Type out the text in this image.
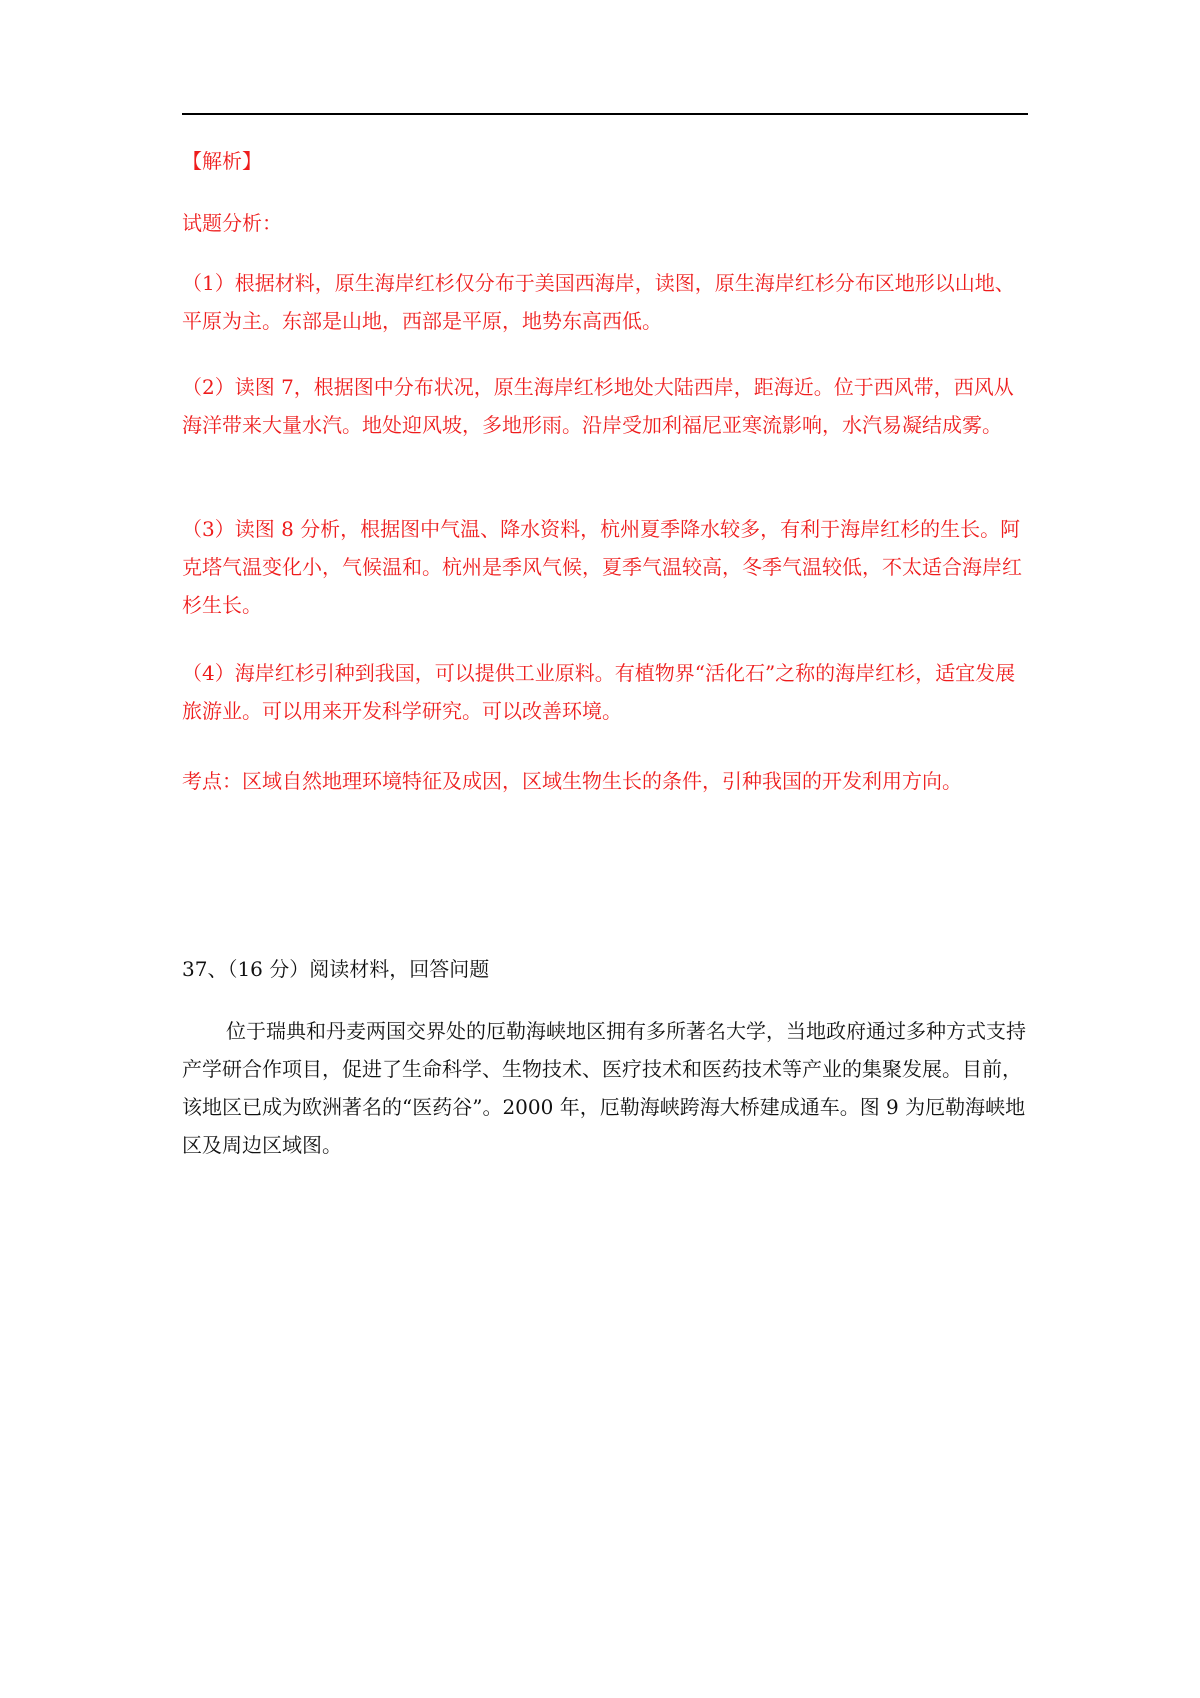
【解析】

试题分析：

（1）根据材料，原生海岸红杉仅分布于美国西海岸，读图，原生海岸红杉分布区地形以山地、平原为主。东部是山地，西部是平原，地势东高西低。

（2）读图 7，根据图中分布状况，原生海岸红杉地处大陆西岸，距海近。位于西风带，西风从海洋带来大量水汽。地处迎风坡，多地形雨。沿岸受加利福尼亚寒流影响，水汽易凝结成雾。

（3）读图 8 分析，根据图中气温、降水资料，杭州夏季降水较多，有利于海岸红杉的生长。阿克塔气温变化小，气候温和。杭州是季风气候，夏季气温较高，冬季气温较低，不太适合海岸红杉生长。

（4）海岸红杉引种到我国，可以提供工业原料。有植物界“活化石”之称的海岸红杉，适宜发展旅游业。可以用来开发科学研究。可以改善环境。

考点：区域自然地理环境特征及成因，区域生物生长的条件，引种我国的开发利用方向。

37、（16 分）阅读材料，回答问题

位于瑞典和丹麦两国交界处的厄勒海峡地区拥有多所著名大学，当地政府通过多种方式支持产学研合作项目，促进了生命科学、生物技术、医疗技术和医药技术等产业的集聚发展。目前，该地区已成为欧洲著名的“医药谷”。2000 年，厄勒海峡跨海大桥建成通车。图 9 为厄勒海峡地区及周边区域图。
